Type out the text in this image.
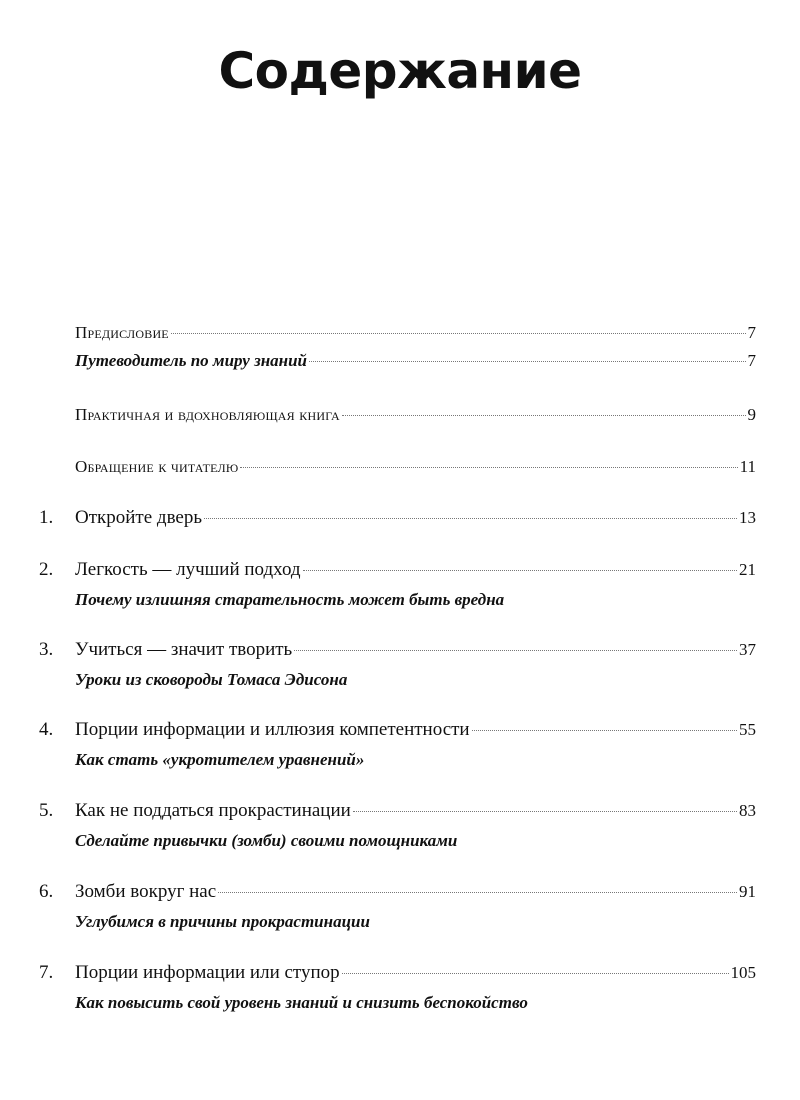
Содержание
Предисловие	7
Путеводитель по миру знаний	7
Практичная и вдохновляющая книга	9
Обращение к читателю	11
1.	Откройте дверь	13
2.	Легкость — лучший подход	21
Почему излишняя старательность может быть вредна
3.	Учиться — значит творить	37
Уроки из сковороды Томаса Эдисона
4.	Порции информации и иллюзия компетентности	55
Как стать «укротителем уравнений»
5.	Как не поддаться прокрастинации	83
Сделайте привычки (зомби) своими помощниками
6.	Зомби вокруг нас	91
Углубимся в причины прокрастинации
7.	Порции информации или ступор	105
Как повысить свой уровень знаний и снизить беспокойство
